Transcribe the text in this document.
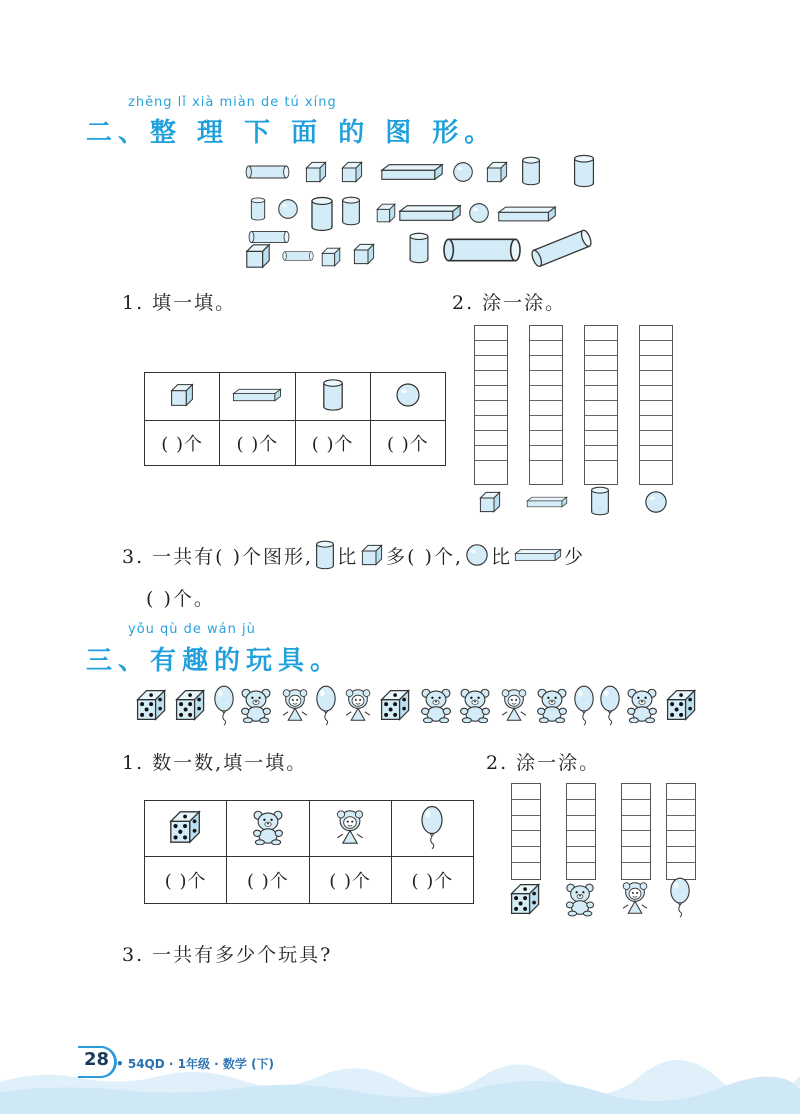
zhěng lǐ xià miàn de tú xíng
二、整 理 下 面 的 图 形。
1. 填一填。	2. 涂一涂。

( )个	( )个	( )个	( )个
3. 一共有( )个图形, 比 多( )个, 比	少
( )个。
yǒu qù de wán jù
三、有趣的玩具。
1. 数一数,填一填。	2. 涂一涂。

( )个	( )个	( )个	( )个
3. 一共有多少个玩具?
28 • 54QD · 1年级 · 数学 (下)
